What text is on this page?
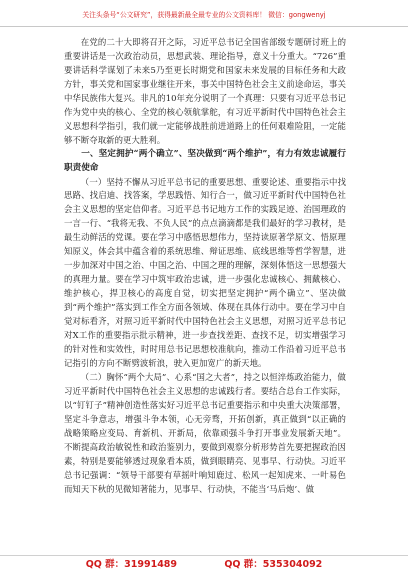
关注头条号“公文研究”，获得最新最全最专业的公文资料库！ 微信：gongwenyj

在党的二十大即将召开之际，习近平总书记全国省部级专题研讨班上的重要讲话是一次政治动员，思想武装、理论指导，意义十分重大。“726”重要讲话科学谋划了未来5乃至更长时期党和国家未来发展的目标任务和大政方针，事关党和国家事业继往开来，事关中国特色社会主义前途命运，事关中华民族伟大复兴。非凡的10年充分说明了一个真理：只要有习近平总书记作为党中央的核心、全党的核心领航掌舵，有习近平新时代中国特色社会主义思想科学指引，我们就一定能够战胜前进道路上的任何艰难险阻，一定能够不断夺取新的更大胜利。

一、坚定拥护“两个确立”、坚决做到“两个维护”，有力有效忠诚履行职责使命

（一）坚持不懈从习近平总书记的重要思想、重要论述、重要指示中找思路、找启迪、找答案，学思践悟、知行合一，做习近平新时代中国特色社会主义思想的坚定信仰者。习近平总书记地方工作的实践足迹、治国理政的一言一行、“我将无我、不负人民”的点点滴滴都是我们最好的学习教材，是最生动鲜活的党课。要在学习中感悟思想伟力，坚持读原著学原文、悟原理知原义，体会其中蕴含着的系统思维、辩证思维、底线思维等哲学智慧，进一步加深对中国之治、中国之治、中国之理的理解，深刻体悟这一思想强大的真理力量。要在学习中筑牢政治忠诚，进一步强化忠诚核心、拥戴核心、维护核心，捍卫核心的高度自觉，切实把坚定拥护“两个确立”、坚决做到“两个维护”落实到工作全方面各领域、体现在具体行动中。要在学习中自觉对标看齐，对照习近平新时代中国特色社会主义思想，对照习近平总书记对X工作的重要指示批示精神，进一步查找差距、查找不足，切实增强学习的针对性和实效性，时时用总书记思想校准航向，推动工作沿着习近平总书记指引的方向不断劈波斩浪，驶入更加宽广的新天地。

（二）胸怀“两个大局”、心系“国之大者”，持之以恒淬炼政治能力，做习近平新时代中国特色社会主义思想的忠诚践行者。要结合总台工作实际，以“钉钉子”精神创造性落实好习近平总书记重要指示和中央重大决策部署，坚定斗争意志，增强斗争本领，心无旁骛，开拓创新，真正做到“以正确的战略策略应变局、育新机、开新局，依靠顽强斗争打开事业发展新天地”。不断提高政治敏锐性和政治鉴别力，要做到观察分析形势首先要把握政治因素，特别是要能够透过现象看本质，做到眼睛亮、见事早、行动快。习近平总书记强调：“领导干部要有草摇叶响知鹿过、松风一起知虎来、一叶易色而知天下秋的见微知著能力，见事早、行动快，不能当‘马后炮’、做

QQ 群：31991489	QQ 群：535304092
